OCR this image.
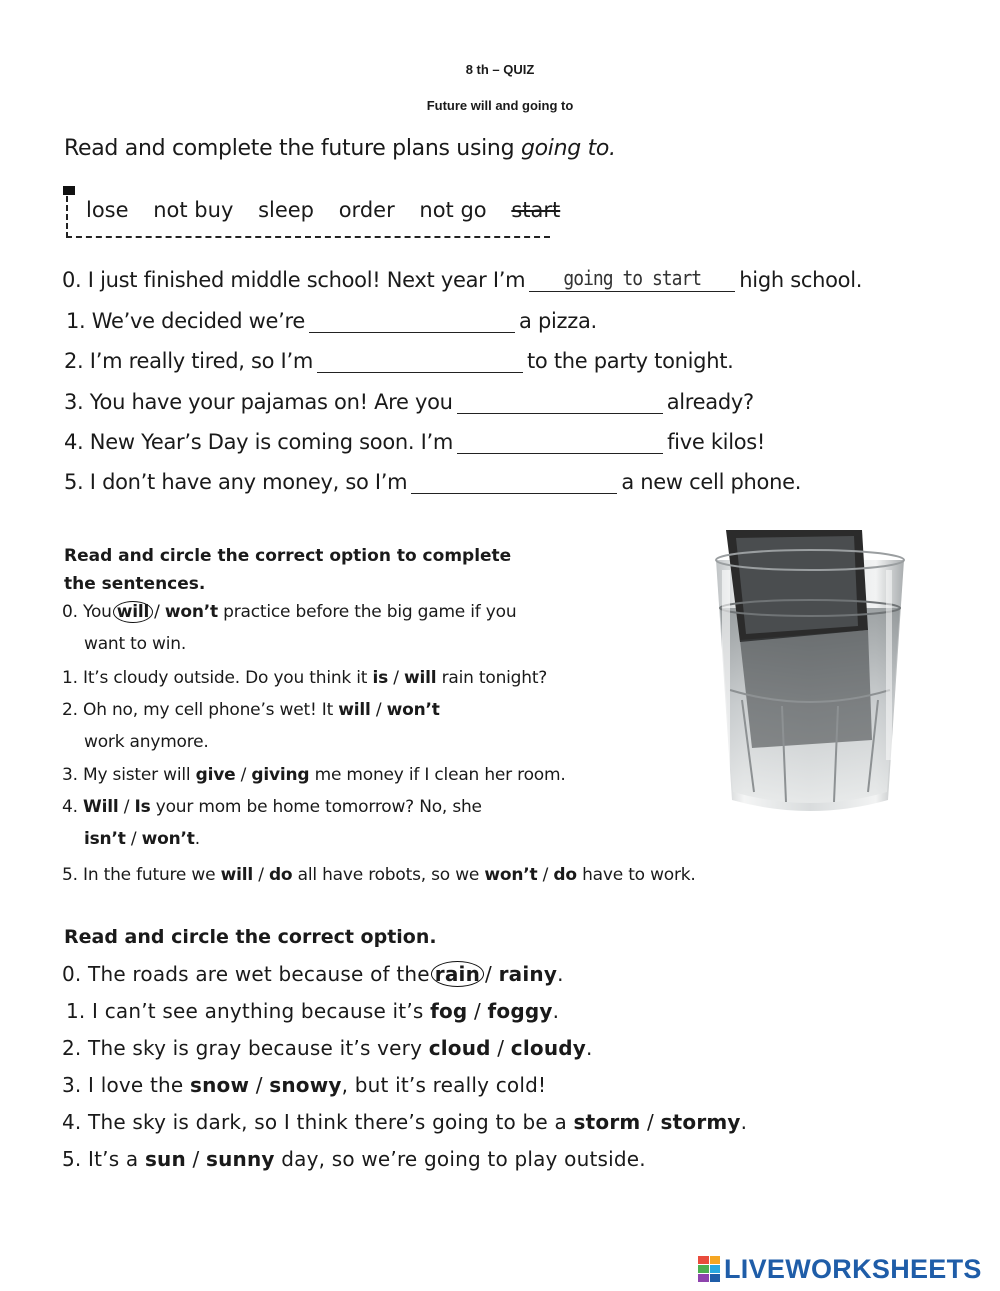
8 th – QUIZ
Future will and going to
Read and complete the future plans using going to.
lose not buy sleep order not go start
0. I just finished middle school! Next year I’m	going to start	high school.
1. We’ve decided we’re	a pizza.
2. I’m really tired, so I’m	to the party tonight.
3. You have your pajamas on! Are you	already?
4. New Year’s Day is coming soon. I’m	five kilos!
5. I don’t have any money, so I’m	a new cell phone.
Read and circle the correct option to complete
the sentences.
0. You will / won’t practice before the big game if you
want to win.
1. It’s cloudy outside. Do you think it is / will rain tonight?
2. Oh no, my cell phone’s wet! It will / won’t
work anymore.
3. My sister will give / giving me money if I clean her room.
4. Will / Is your mom be home tomorrow? No, she
isn’t / won’t.
5. In the future we will / do all have robots, so we won’t / do have to work.
Read and circle the correct option.
0. The roads are wet because of the rain / rainy.
1. I can’t see anything because it’s fog / foggy.
2. The sky is gray because it’s very cloud / cloudy.
3. I love the snow / snowy, but it’s really cold!
4. The sky is dark, so I think there’s going to be a storm / stormy.
5. It’s a sun / sunny day, so we’re going to play outside.
LIVEWORKSHEETS
